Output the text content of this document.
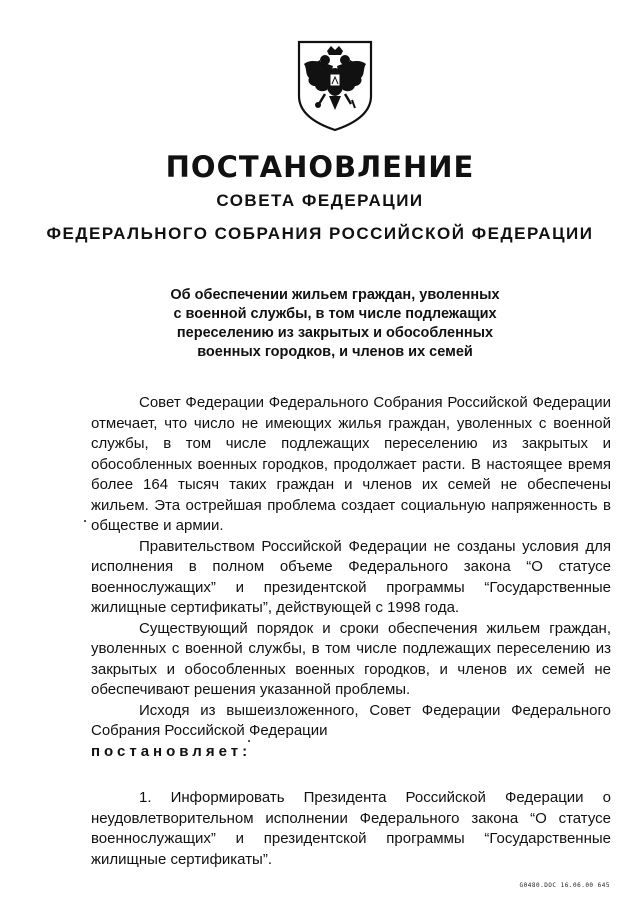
ПОСТАНОВЛЕНИЕ
СОВЕТА ФЕДЕРАЦИИ
ФЕДЕРАЛЬНОГО СОБРАНИЯ РОССИЙСКОЙ ФЕДЕРАЦИИ
Об обеспечении жильем граждан, уволенных
с военной службы, в том числе подлежащих
переселению из закрытых и обособленных
военных городков, и членов их семей

Совет Федерации Федерального Собрания Российской Федерации отмечает, что число не имеющих жилья граждан, уволенных с военной службы, в том числе подлежащих переселению из закрытых и обособленных военных городков, продолжает расти. В настоящее время более 164 тысяч таких граждан и членов их семей не обеспечены жильем. Эта острейшая проблема создает социальную напряженность в обществе и армии.

Правительством Российской Федерации не созданы условия для исполнения в полном объеме Федерального закона “О статусе военнослужащих” и президентской программы “Государственные жилищные сертификаты”, действующей с 1998 года.

Существующий порядок и сроки обеспечения жильем граждан, уволенных с военной службы, в том числе подлежащих переселению из закрытых и обособленных военных городков, и членов их семей не обеспечивают решения указанной проблемы.

Исходя из вышеизложенного, Совет Федерации Федерального Собрания Российской Федерации

постановляет:

1. Информировать Президента Российской Федерации о неудовлетворительном исполнении Федерального закона “О статусе военнослужащих” и президентской программы “Государственные жилищные сертификаты”.

G0480.DOC 16.06.00 645
